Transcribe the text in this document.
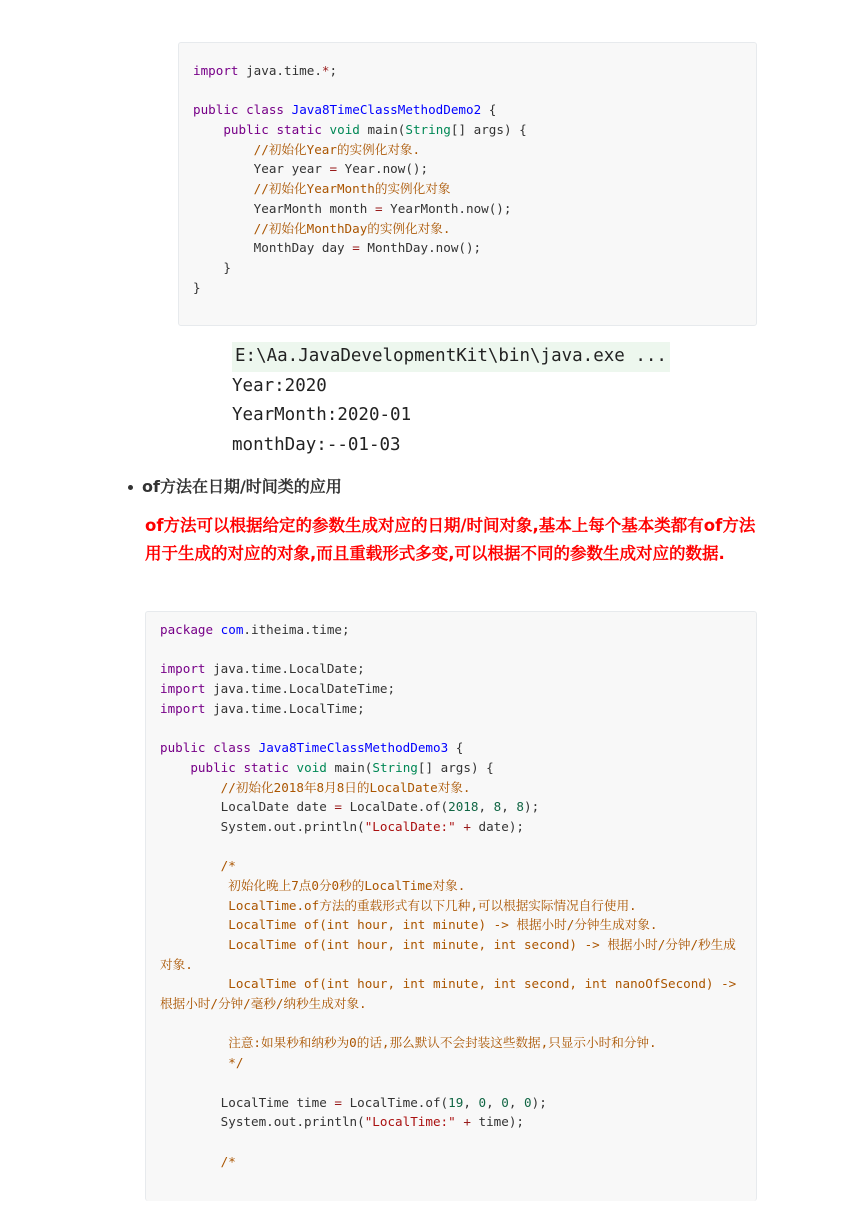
import java.time.*;

public class Java8TimeClassMethodDemo2 {
public static void main(String[] args) {
//初始化Year的实例化对象.
Year year = Year.now();
//初始化YearMonth的实例化对象
YearMonth month = YearMonth.now();
//初始化MonthDay的实例化对象.
MonthDay day = MonthDay.now();
}
}
E:\Aa.JavaDevelopmentKit\bin\java.exe ...
Year:2020
YearMonth:2020-01
monthDay:--01-03
of方法在日期/时间类的应用
of方法可以根据给定的参数生成对应的日期/时间对象,基本上每个基本类都有of方法用于生成的对应的对象,而且重载形式多变,可以根据不同的参数生成对应的数据.
package com.itheima.time;

import java.time.LocalDate;
import java.time.LocalDateTime;
import java.time.LocalTime;

public class Java8TimeClassMethodDemo3 {
public static void main(String[] args) {
//初始化2018年8月8日的LocalDate对象.
LocalDate date = LocalDate.of(2018, 8, 8);
System.out.println("LocalDate:" + date);

/*
初始化晚上7点0分0秒的LocalTime对象.
LocalTime.of方法的重载形式有以下几种,可以根据实际情况自行使用.
LocalTime of(int hour, int minute) -> 根据小时/分钟生成对象.
LocalTime of(int hour, int minute, int second) -> 根据小时/分钟/秒生成
对象.
LocalTime of(int hour, int minute, int second, int nanoOfSecond) ->
根据小时/分钟/毫秒/纳秒生成对象.

注意:如果秒和纳秒为0的话,那么默认不会封装这些数据,只显示小时和分钟.
*/

LocalTime time = LocalTime.of(19, 0, 0, 0);
System.out.println("LocalTime:" + time);

/*
